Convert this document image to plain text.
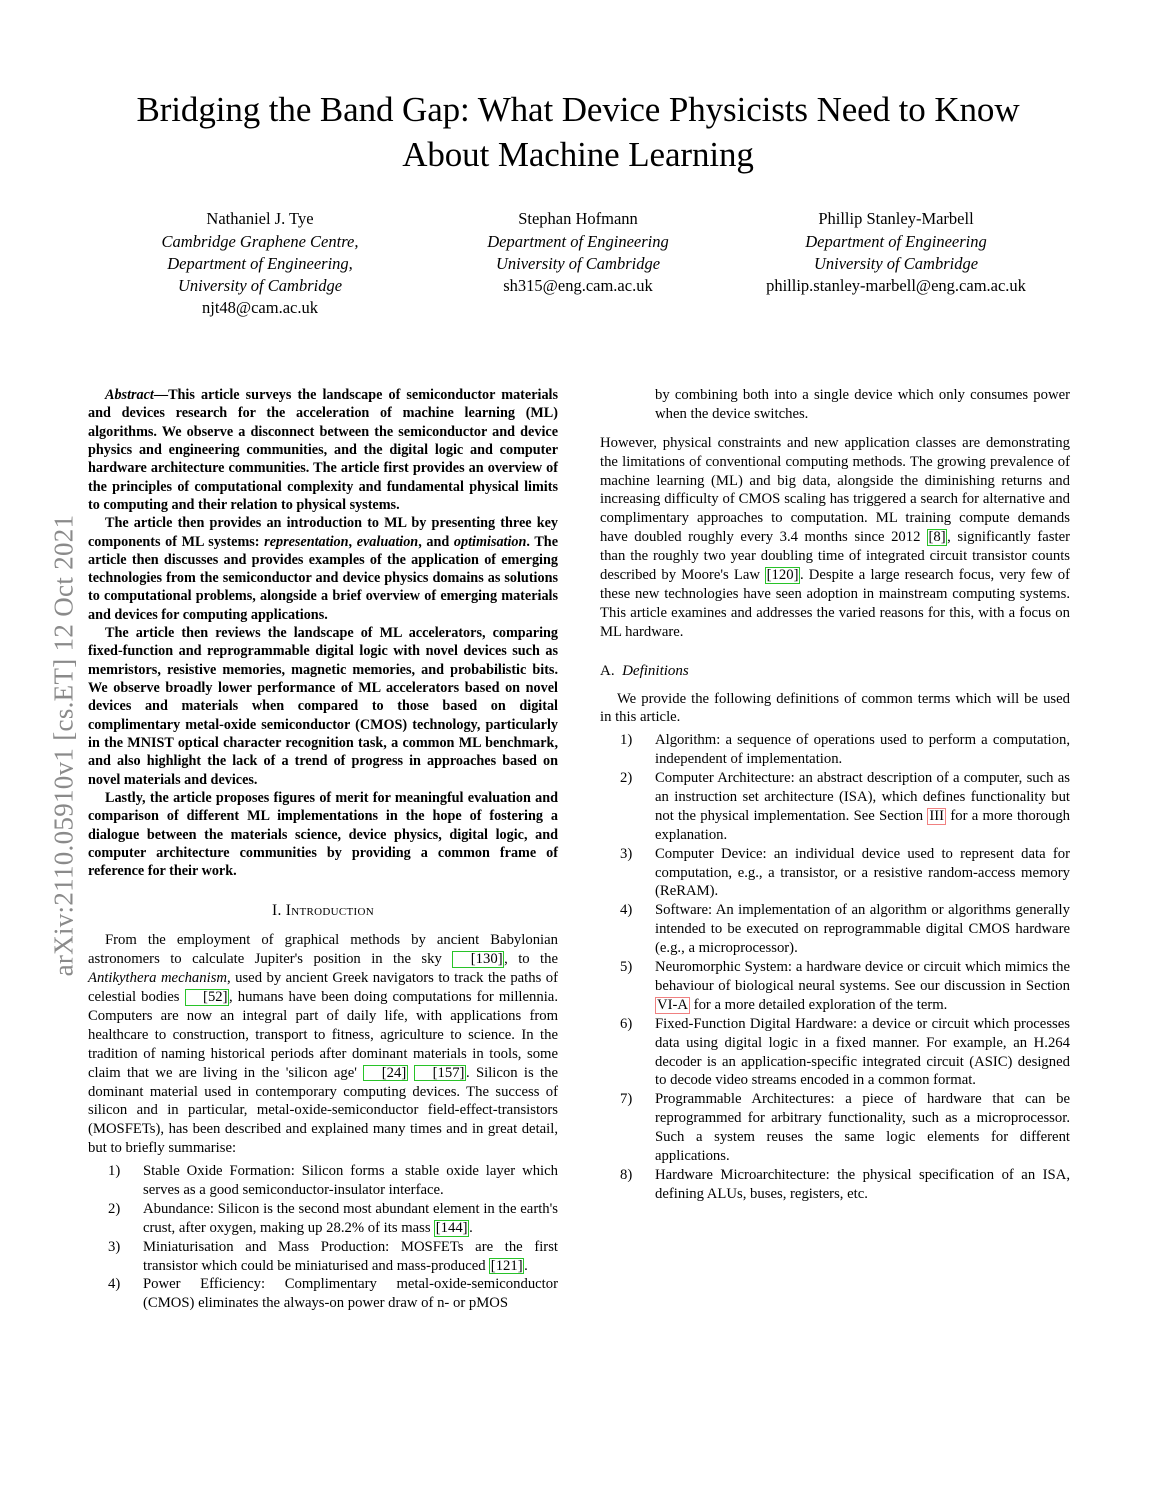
arXiv:2110.05910v1 [cs.ET] 12 Oct 2021
Bridging the Band Gap: What Device Physicists Need to Know About Machine Learning
Nathaniel J. Tye
Cambridge Graphene Centre,
Department of Engineering,
University of Cambridge
njt48@cam.ac.uk
Stephan Hofmann
Department of Engineering
University of Cambridge
sh315@eng.cam.ac.uk
Phillip Stanley-Marbell
Department of Engineering
University of Cambridge
phillip.stanley-marbell@eng.cam.ac.uk

Abstract—This article surveys the landscape of semiconductor materials and devices research for the acceleration of machine learning (ML) algorithms. We observe a disconnect between the semiconductor and device physics and engineering communities, and the digital logic and computer hardware architecture communities. The article first provides an overview of the principles of computational complexity and fundamental physical limits to computing and their relation to physical systems.

The article then provides an introduction to ML by presenting three key components of ML systems: representation, evaluation, and optimisation. The article then discusses and provides examples of the application of emerging technologies from the semiconductor and device physics domains as solutions to computational problems, alongside a brief overview of emerging materials and devices for computing applications.

The article then reviews the landscape of ML accelerators, comparing fixed-function and reprogrammable digital logic with novel devices such as memristors, resistive memories, magnetic memories, and probabilistic bits. We observe broadly lower performance of ML accelerators based on novel devices and materials when compared to those based on digital complimentary metal-oxide semiconductor (CMOS) technology, particularly in the MNIST optical character recognition task, a common ML benchmark, and also highlight the lack of a trend of progress in approaches based on novel materials and devices.

Lastly, the article proposes figures of merit for meaningful evaluation and comparison of different ML implementations in the hope of fostering a dialogue between the materials science, device physics, digital logic, and computer architecture communities by providing a common frame of reference for their work.

I. Introduction

From the employment of graphical methods by ancient Babylonian astronomers to calculate Jupiter's position in the sky [130] , to the Antikythera mechanism, used by ancient Greek navigators to track the paths of celestial bodies [52] , humans have been doing computations for millennia. Computers are now an integral part of daily life, with applications from healthcare to construction, transport to fitness, agriculture to science. In the tradition of naming historical periods after dominant materials in tools, some claim that we are living in the 'silicon age' [24] [157] . Silicon is the dominant material used in contemporary computing devices. The success of silicon and in particular, metal-oxide-semiconductor field-effect-transistors (MOSFETs), has been described and explained many times and in great detail, but to briefly summarise:

1)	Stable Oxide Formation: Silicon forms a stable oxide layer which serves as a good semiconductor-insulator interface.
2)	Abundance: Silicon is the second most abundant element in the earth's crust, after oxygen, making up 28.2% of its mass [144] .
3)	Miniaturisation and Mass Production: MOSFETs are the first transistor which could be miniaturised and mass-produced [121] .
4)	Power Efficiency: Complimentary metal-oxide-semiconductor (CMOS) eliminates the always-on power draw of n- or pMOS
by combining both into a single device which only consumes power when the device switches.

However, physical constraints and new application classes are demonstrating the limitations of conventional computing methods. The growing prevalence of machine learning (ML) and big data, alongside the diminishing returns and increasing difficulty of CMOS scaling has triggered a search for alternative and complimentary approaches to computation. ML training compute demands have doubled roughly every 3.4 months since 2012 [8] , significantly faster than the roughly two year doubling time of integrated circuit transistor counts described by Moore's Law [120] . Despite a large research focus, very few of these new technologies have seen adoption in mainstream computing systems. This article examines and addresses the varied reasons for this, with a focus on ML hardware.

A. Definitions

We provide the following definitions of common terms which will be used in this article.

1)	Algorithm: a sequence of operations used to perform a computation, independent of implementation.
2)	Computer Architecture: an abstract description of a computer, such as an instruction set architecture (ISA), which defines functionality but not the physical implementation. See Section III for a more thorough explanation.
3)	Computer Device: an individual device used to represent data for computation, e.g., a transistor, or a resistive random-access memory (ReRAM).
4)	Software: An implementation of an algorithm or algorithms generally intended to be executed on reprogrammable digital CMOS hardware (e.g., a microprocessor).
5)	Neuromorphic System: a hardware device or circuit which mimics the behaviour of biological neural systems. See our discussion in Section VI-A for a more detailed exploration of the term.
6)	Fixed-Function Digital Hardware: a device or circuit which processes data using digital logic in a fixed manner. For example, an H.264 decoder is an application-specific integrated circuit (ASIC) designed to decode video streams encoded in a common format.
7)	Programmable Architectures: a piece of hardware that can be reprogrammed for arbitrary functionality, such as a microprocessor. Such a system reuses the same logic elements for different applications.
8)	Hardware Microarchitecture: the physical specification of an ISA, defining ALUs, buses, registers, etc.
